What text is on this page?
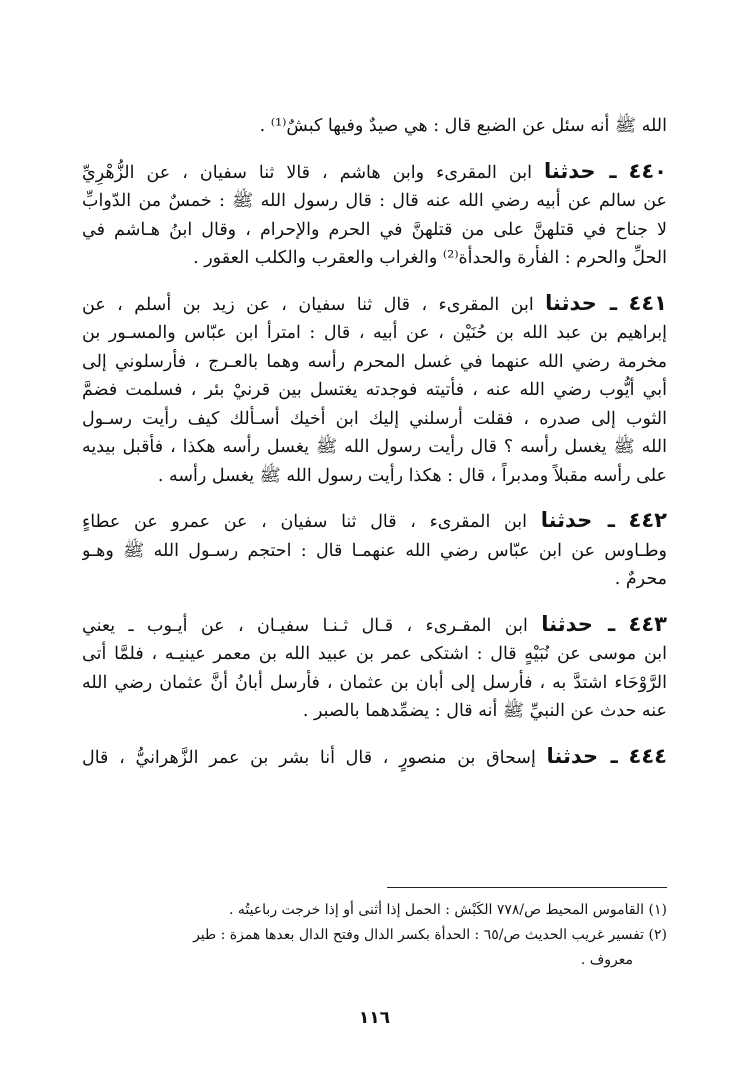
الله ﷺ أنه سئل عن الضبع قال : هي صيدٌ وفيها كبشٌ⁽¹⁾ .
٤٤٠ ـ حدثنا ابن المقرىء وابن هاشم ، قالا ثنا سفيان ، عن الزُّهْرِيِّ
عن سالم عن أبيه رضي الله عنه قال : قال رسول الله ﷺ : خمسٌ من الدّوابِّ
لا جناح في قتلهنَّ على من قتلهنَّ في الحرم والإحرام ، وقال ابنُ هـاشم في
الحلِّ والحرم : الفأرة والحدأة⁽²⁾ والغراب والعقرب والكلب العقور .
٤٤١ ـ حدثنا ابن المقرىء ، قال ثنا سفيان ، عن زيد بن أسلم ، عن
إبراهيم بن عبد الله بن حُنَيْن ، عن أبيه ، قال : امترأ ابن عبّاس والمسـور بن
مخرمة رضي الله عنهما في غسل المحرم رأسه وهما بالعـرج ، فأرسلوني إلى
أبي أيُّوب رضي الله عنه ، فأتيته فوجدته يغتسل بين قرنيْ بئر ، فسلمت فضمَّ
الثوب إلى صدره ، فقلت أرسلني إليك ابن أخيك أسـألك كيف رأيت رسـول
الله ﷺ يغسل رأسه ؟ قال رأيت رسول الله ﷺ يغسل رأسه هكذا ، فأقبل بيديه
على رأسه مقبلاً ومدبراً ، قال : هكذا رأيت رسول الله ﷺ يغسل رأسه .
٤٤٢ ـ حدثنا ابن المقرىء ، قال ثنا سفيان ، عن عمرو عن عطاءٍ
وطـاوس عن ابن عبّاس رضي الله عنهمـا قال : احتجم رسـول الله ﷺ وهـو
محرمٌ .
٤٤٣ ـ حدثنا ابن المقـرىء ، قـال ثـنـا سفيـان ، عن أيـوب ـ يعني
ابن موسى عن نُبَيْهٍ قال : اشتكى عمر بن عبيد الله بن معمر عينيـه ، فلمَّا أتى
الرَّوْحَاء اشتدَّ به ، فأرسل إلى أبان بن عثمان ، فأرسل أبانُ أنَّ عثمان رضي الله
عنه حدث عن النبيِّ ﷺ أنه قال : يضمِّدهما بالصبر .
٤٤٤ ـ حدثنا إسحاق بن منصورٍ ، قال أنا بشر بن عمر الزَّهرانيُّ ، قال
(١) القاموس المحيط ص/٧٧٨ الكَبْش : الحمل إذا أثنى أو إذا خرجت رباعيتُه .
(٢) تفسير غريب الحديث ص/٦٥ : الحدأة بكسر الدال وفتح الدال بعدها همزة : طير
معروف .
١١٦
